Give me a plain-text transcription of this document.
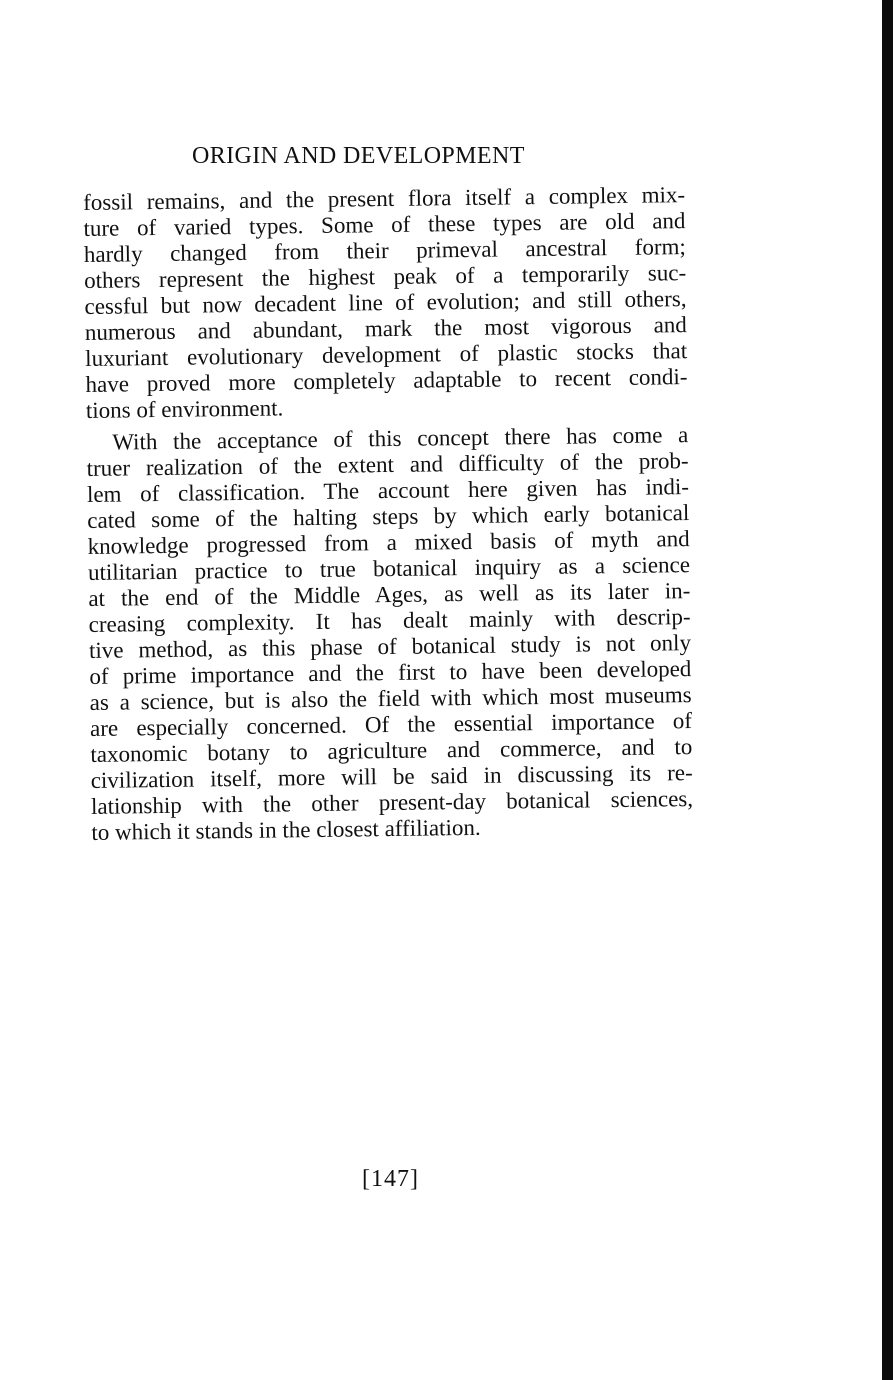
ORIGIN AND DEVELOPMENT
fossil remains, and the present flora itself a complex mix-
ture of varied types. Some of these types are old and
hardly changed from their primeval ancestral form;
others represent the highest peak of a temporarily suc-
cessful but now decadent line of evolution; and still others,
numerous and abundant, mark the most vigorous and
luxuriant evolutionary development of plastic stocks that
have proved more completely adaptable to recent condi-
tions of environment.
With the acceptance of this concept there has come a
truer realization of the extent and difficulty of the prob-
lem of classification. The account here given has indi-
cated some of the halting steps by which early botanical
knowledge progressed from a mixed basis of myth and
utilitarian practice to true botanical inquiry as a science
at the end of the Middle Ages, as well as its later in-
creasing complexity. It has dealt mainly with descrip-
tive method, as this phase of botanical study is not only
of prime importance and the first to have been developed
as a science, but is also the field with which most museums
are especially concerned. Of the essential importance of
taxonomic botany to agriculture and commerce, and to
civilization itself, more will be said in discussing its re-
lationship with the other present-day botanical sciences,
to which it stands in the closest affiliation.
[147]
